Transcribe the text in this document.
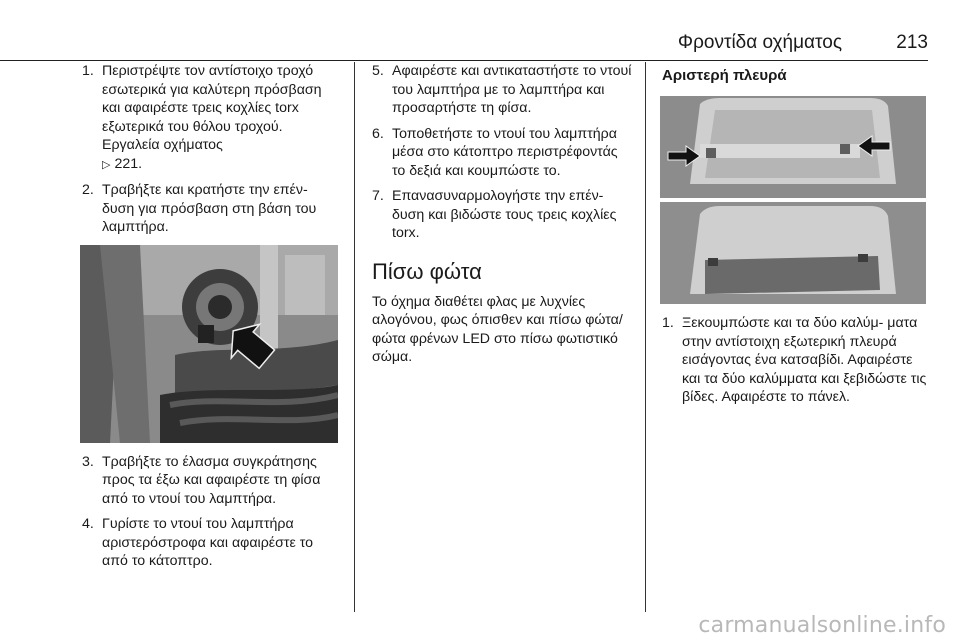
Φροντίδα οχήματος	213
1. Περιστρέψτε τον αντίστοιχο τροχό εσωτερικά για καλύτερη πρόσβαση και αφαιρέστε τρεις κοχλίες torx εξωτερικά του θόλου τροχού. Εργαλεία οχήματος
▷ 221.
2. Τραβήξτε και κρατήστε την επέν- δυση για πρόσβαση στη βάση του λαμπτήρα.
3. Τραβήξτε το έλασμα συγκράτησης προς τα έξω και αφαιρέστε τη φίσα από το ντουί του λαμπτήρα.
4. Γυρίστε το ντουί του λαμπτήρα αριστερόστροφα και αφαιρέστε το από το κάτοπτρο.
5. Αφαιρέστε και αντικαταστήστε το ντουί του λαμπτήρα με το λαμπτήρα και προσαρτήστε τη φίσα.
6. Τοποθετήστε το ντουί του λαμπτήρα μέσα στο κάτοπτρο περιστρέφοντάς το δεξιά και κουμπώστε το.
7. Επανασυναρμολογήστε την επέν- δυση και βιδώστε τους τρεις κοχλίες torx.
Πίσω φώτα

Το όχημα διαθέτει φλας με λυχνίες αλογόνου, φως όπισθεν και πίσω φώτα/φώτα φρένων LED στο πίσω φωτιστικό σώμα.

Αριστερή πλευρά
1. Ξεκουμπώστε και τα δύο καλύμ- ματα στην αντίστοιχη εξωτερική πλευρά εισάγοντας ένα κατσαβίδι. Αφαιρέστε και τα δύο καλύμματα και ξεβιδώστε τις βίδες. Αφαιρέστε το πάνελ.
carmanualsonline.info
